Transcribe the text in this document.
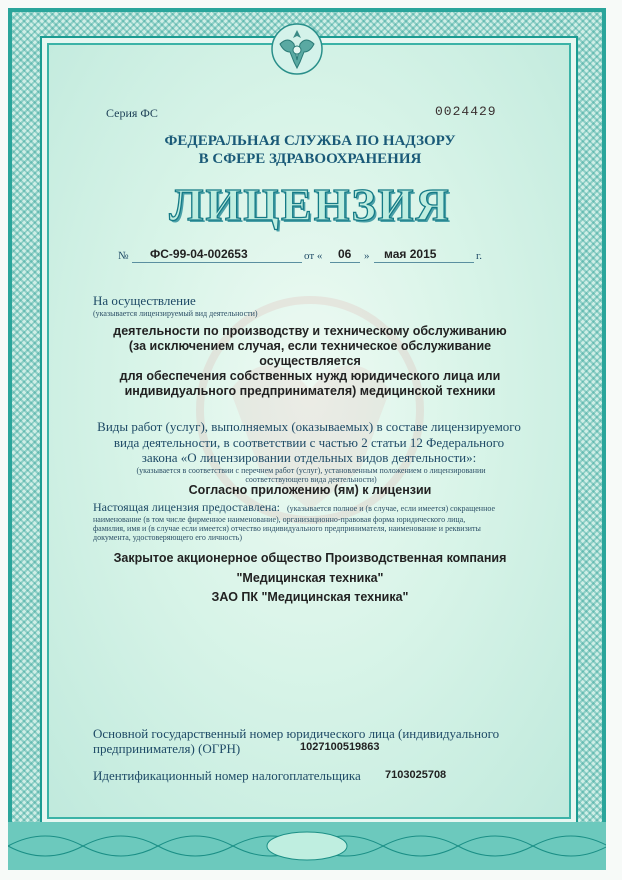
Серия ФС	0024429
ФЕДЕРАЛЬНАЯ СЛУЖБА ПО НАДЗОРУ
В СФЕРЕ ЗДРАВООХРАНЕНИЯ
ЛИЦЕНЗИЯ
№ ФС-99-04-002653	от « 06 » мая 2015	г.
На осуществление
(указывается лицензируемый вид деятельности)
деятельности по производству и техническому обслуживанию
(за исключением случая, если техническое обслуживание осуществляется
для обеспечения собственных нужд юридического лица или
индивидуального предпринимателя) медицинской техники
Виды работ (услуг), выполняемых (оказываемых) в составе лицензируемого
вида деятельности, в соответствии с частью 2 статьи 12 Федерального
закона «О лицензировании отдельных видов деятельности»:
(указывается в соответствии с перечнем работ (услуг), установленным положением о лицензировании
соответствующего вида деятельности)
Согласно приложению (ям) к лицензии
Настоящая лицензия предоставлена: (указывается полное и (в случае, если имеется) сокращенное
наименование (в том числе фирменное наименование), организационно-правовая форма юридического лица,
фамилия, имя и (в случае если имеется) отчество индивидуального предпринимателя, наименование и реквизиты
документа, удостоверяющего его личность)
Закрытое акционерное общество Производственная компания
"Медицинская техника"
ЗАО ПК "Медицинская техника"
Основной государственный номер юридического лица (индивидуального
предпринимателя) (ОГРН)	1027100519863
Идентификационный номер налогоплательщика 7103025708
